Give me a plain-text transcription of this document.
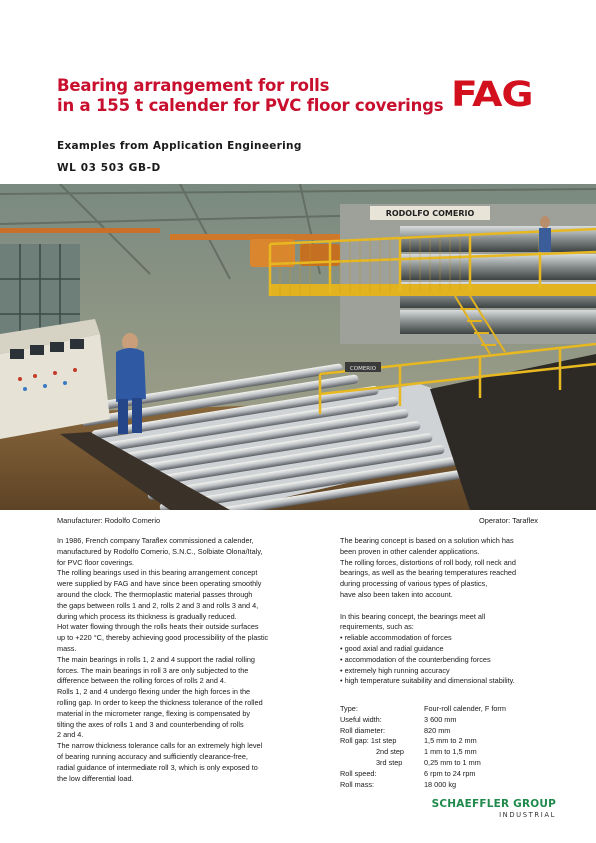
Bearing arrangement for rolls
in a 155 t calender for PVC floor coverings FAG
Examples from Application Engineering
WL 03 503 GB-D
RODOLFO COMERIO
COMERIO
Manufacturer: Rodolfo Comerio	Operator: Taraflex

In 1986, French company Taraflex commissioned a calender,

manufactured by Rodolfo Comerio, S.N.C., Solbiate Olona/Italy,

for PVC floor coverings.

The rolling bearings used in this bearing arrangement concept

were supplied by FAG and have since been operating smoothly

around the clock. The thermoplastic material passes through

the gaps between rolls 1 and 2, rolls 2 and 3 and rolls 3 and 4,

during which process its thickness is gradually reduced.

Hot water flowing through the rolls heats their outside surfaces

up to +220 °C, thereby achieving good processibility of the plastic

mass.

The main bearings in rolls 1, 2 and 4 support the radial rolling

forces. The main bearings in roll 3 are only subjected to the

difference between the rolling forces of rolls 2 and 4.

Rolls 1, 2 and 4 undergo flexing under the high forces in the

rolling gap. In order to keep the thickness tolerance of the rolled

material in the micrometer range, flexing is compensated by

tilting the axes of rolls 1 and 3 and counterbending of rolls

2 and 4.

The narrow thickness tolerance calls for an extremely high level

of bearing running accuracy and sufficiently clearance-free,

radial guidance of intermediate roll 3, which is only exposed to

the low differential load.

The bearing concept is based on a solution which has

been proven in other calender applications.

The rolling forces, distortions of roll body, roll neck and

bearings, as well as the bearing temperatures reached

during processing of various types of plastics,

have also been taken into account.

In this bearing concept, the bearings meet all

requirements, such as:

• reliable accommodation of forces

• good axial and radial guidance

• accommodation of the counterbending forces

• extremely high running accuracy

• high temperature suitability and dimensional stability.

Type:	Four-roll calender, F form
Useful width:	3 600 mm
Roll diameter:	820 mm
Roll gap: 1st step	1,5 mm to 2 mm
2nd step	1 mm to 1,5 mm
3rd step	0,25 mm to 1 mm
Roll speed:	6 rpm to 24 rpm
Roll mass:	18 000 kg
SCHAEFFLER GROUP
INDUSTRIAL
